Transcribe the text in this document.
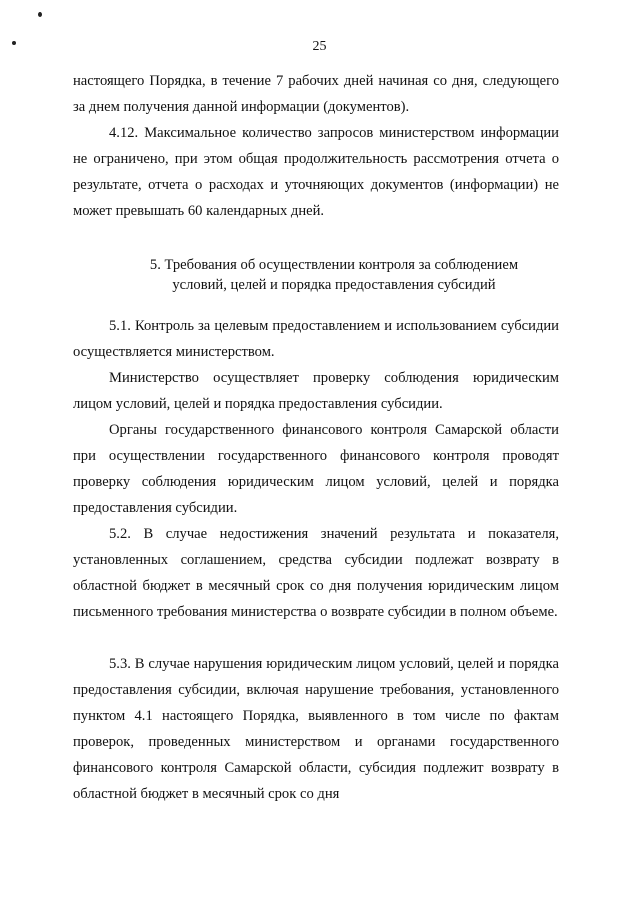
25

настоящего Порядка, в течение 7 рабочих дней начиная со дня, следующего за днем получения данной информации (документов).

4.12. Максимальное количество запросов министерством информации не ограничено, при этом общая продолжительность рассмотрения отчета о результате, отчета о расходах и уточняющих документов (информации) не может превышать 60 календарных дней.

5. Требования об осуществлении контроля за соблюдением
условий, целей и порядка предоставления субсидий

5.1. Контроль за целевым предоставлением и использованием субсидии осуществляется министерством.

Министерство осуществляет проверку соблюдения юридическим лицом условий, целей и порядка предоставления субсидии.

Органы государственного финансового контроля Самарской области при осуществлении государственного финансового контроля проводят проверку соблюдения юридическим лицом условий, целей и порядка предоставления субсидии.

5.2. В случае недостижения значений результата и показателя, установленных соглашением, средства субсидии подлежат возврату в областной бюджет в месячный срок со дня получения юридическим лицом письменного требования министерства о возврате субсидии в полном объеме.

5.3. В случае нарушения юридическим лицом условий, целей и порядка предоставления субсидии, включая нарушение требования, установленного пунктом 4.1 настоящего Порядка, выявленного в том числе по фактам проверок, проведенных министерством и органами государственного финансового контроля Самарской области, субсидия подлежит возврату в областной бюджет в месячный срок со дня
